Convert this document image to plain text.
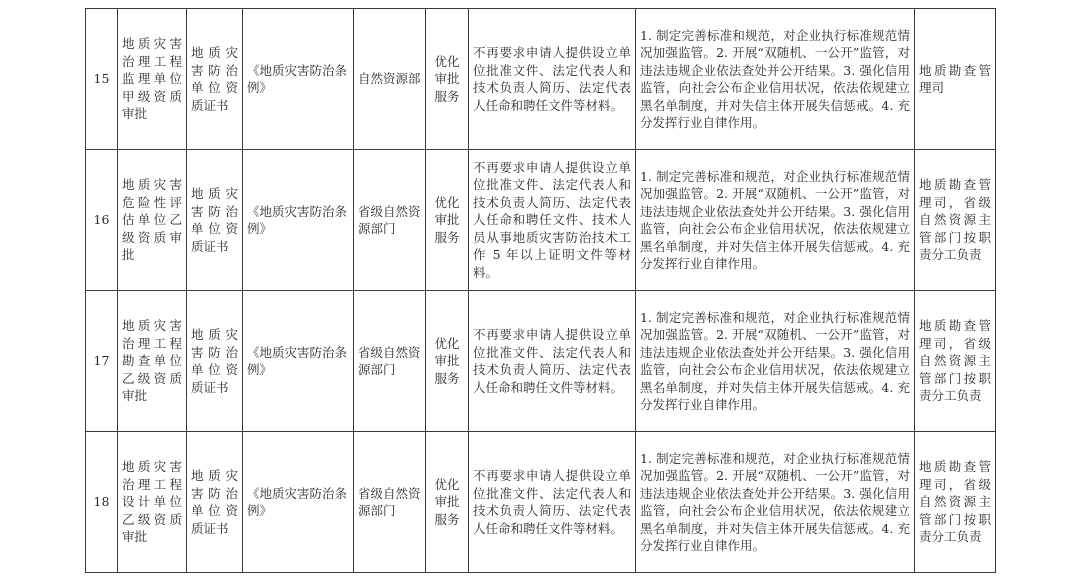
15	地质灾害治理工程监理单位甲级资质审批	地质灾害防治单位资质证书	《地质灾害防治条例》	自然资源部	优化审批服务	不再要求申请人提供设立单位批准文件、法定代表人和技术负责人简历、法定代表人任命和聘任文件等材料。	1. 制定完善标准和规范，对企业执行标准规范情况加强监管。2. 开展“双随机、一公开”监管，对违法违规企业依法查处并公开结果。3. 强化信用监管，向社会公布企业信用状况，依法依规建立黑名单制度，并对失信主体开展失信惩戒。4. 充分发挥行业自律作用。	地质勘查管理司

16	地质灾害危险性评估单位乙级资质审批	地质灾害防治单位资质证书	《地质灾害防治条例》	省级自然资源部门	优化审批服务	不再要求申请人提供设立单位批准文件、法定代表人和技术负责人简历、法定代表人任命和聘任文件、技术人员从事地质灾害防治技术工作 5 年以上证明文件等材料。	1. 制定完善标准和规范，对企业执行标准规范情况加强监管。2. 开展“双随机、一公开”监管，对违法违规企业依法查处并公开结果。3. 强化信用监管，向社会公布企业信用状况，依法依规建立黑名单制度，并对失信主体开展失信惩戒。4. 充分发挥行业自律作用。	地质勘查管理司，省级自然资源主管部门按职责分工负责

17	地质灾害治理工程勘查单位乙级资质审批	地质灾害防治单位资质证书	《地质灾害防治条例》	省级自然资源部门	优化审批服务	不再要求申请人提供设立单位批准文件、法定代表人和技术负责人简历、法定代表人任命和聘任文件等材料。	1. 制定完善标准和规范，对企业执行标准规范情况加强监管。2. 开展“双随机、一公开”监管，对违法违规企业依法查处并公开结果。3. 强化信用监管，向社会公布企业信用状况，依法依规建立黑名单制度，并对失信主体开展失信惩戒。4. 充分发挥行业自律作用。	地质勘查管理司，省级自然资源主管部门按职责分工负责

18	地质灾害治理工程设计单位乙级资质审批	地质灾害防治单位资质证书	《地质灾害防治条例》	省级自然资源部门	优化审批服务	不再要求申请人提供设立单位批准文件、法定代表人和技术负责人简历、法定代表人任命和聘任文件等材料。	1. 制定完善标准和规范，对企业执行标准规范情况加强监管。2. 开展“双随机、一公开”监管，对违法违规企业依法查处并公开结果。3. 强化信用监管，向社会公布企业信用状况，依法依规建立黑名单制度，并对失信主体开展失信惩戒。4. 充分发挥行业自律作用。	地质勘查管理司，省级自然资源主管部门按职责分工负责
